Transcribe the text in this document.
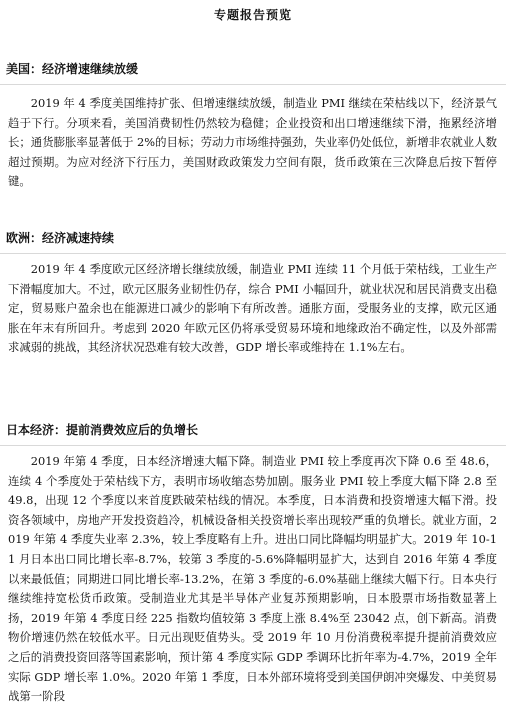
专题报告预览
美国：经济增速继续放缓

2019 年 4 季度美国维持扩张、但增速继续放缓，制造业 PMI 继续在荣枯线以下，经济景气趋于下行。分项来看，美国消费韧性仍然较为稳健；企业投资和出口增速继续下滑，拖累经济增长；通货膨胀率显著低于 2%的目标；劳动力市场维持强劲，失业率仍处低位，新增非农就业人数超过预期。为应对经济下行压力，美国财政政策发力空间有限，货币政策在三次降息后按下暂停键。

欧洲：经济减速持续

2019 年 4 季度欧元区经济增长继续放缓，制造业 PMI 连续 11 个月低于荣枯线，工业生产下滑幅度加大。不过，欧元区服务业韧性仍存，综合 PMI 小幅回升，就业状况和居民消费支出稳定，贸易账户盈余也在能源进口减少的影响下有所改善。通胀方面，受服务业的支撑，欧元区通胀在年末有所回升。考虑到 2020 年欧元区仍将承受贸易环境和地缘政治不确定性，以及外部需求减弱的挑战，其经济状况恐难有较大改善，GDP 增长率或维持在 1.1%左右。

日本经济：提前消费效应后的负增长

2019 年第 4 季度，日本经济增速大幅下降。制造业 PMI 较上季度再次下降 0.6 至 48.6，连续 4 个季度处于荣枯线下方，表明市场收缩态势加剧。服务业 PMI 较上季度大幅下降 2.8 至 49.8，出现 12 个季度以来首度跌破荣枯线的情况。本季度，日本消费和投资增速大幅下滑。投资各领域中，房地产开发投资趋冷，机械设备相关投资增长率出现较严重的负增长。就业方面，2019 年第 4 季度失业率 2.3%，较上季度略有上升。进出口同比降幅均明显扩大。2019 年 10-11 月日本出口同比增长率-8.7%，较第 3 季度的-5.6%降幅明显扩大，达到自 2016 年第 4 季度以来最低值；同期进口同比增长率-13.2%，在第 3 季度的-6.0%基础上继续大幅下行。日本央行继续维持宽松货币政策。受制造业尤其是半导体产业复苏预期影响，日本股票市场指数显著上扬，2019 年第 4 季度日经 225 指数均值较第 3 季度上涨 8.4%至 23042 点，创下新高。消费物价增速仍然在较低水平。日元出现贬值势头。受 2019 年 10 月份消费税率提升提前消费效应之后的消费投资回落等国素影响，预计第 4 季度实际 GDP 季调环比折年率为-4.7%，2019 全年实际 GDP 增长率 1.0%。2020 年第 1 季度，日本外部环境将受到美国伊朗冲突爆发、中美贸易战第一阶段
